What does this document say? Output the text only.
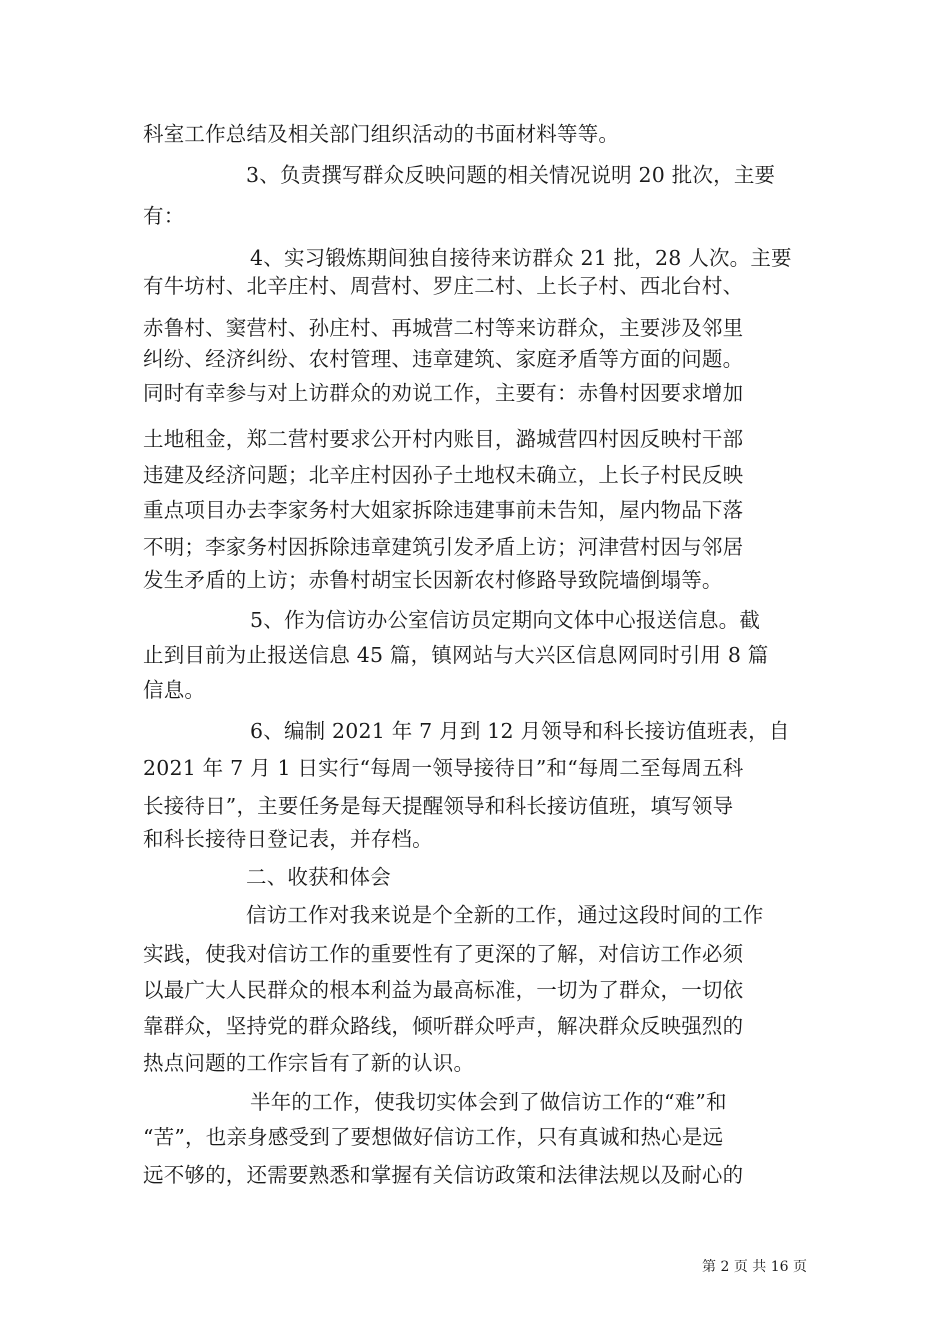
科室工作总结及相关部门组织活动的书面材料等等。
3、负责撰写群众反映问题的相关情况说明 20 批次，主要
有：
4、实习锻炼期间独自接待来访群众 21 批，28 人次。主要
有牛坊村、北辛庄村、周营村、罗庄二村、上长子村、西北台村、
赤鲁村、窦营村、孙庄村、再城营二村等来访群众，主要涉及邻里
纠纷、经济纠纷、农村管理、违章建筑、家庭矛盾等方面的问题。
同时有幸参与对上访群众的劝说工作，主要有：赤鲁村因要求增加
土地租金，郑二营村要求公开村内账目，潞城营四村因反映村干部
违建及经济问题；北辛庄村因孙子土地权未确立，上长子村民反映
重点项目办去李家务村大姐家拆除违建事前未告知，屋内物品下落
不明；李家务村因拆除违章建筑引发矛盾上访；河津营村因与邻居
发生矛盾的上访；赤鲁村胡宝长因新农村修路导致院墙倒塌等。
5、作为信访办公室信访员定期向文体中心报送信息。截
止到目前为止报送信息 45 篇，镇网站与大兴区信息网同时引用 8 篇
信息。
6、编制 2021 年 7 月到 12 月领导和科长接访值班表，自
2021 年 7 月 1 日实行“每周一领导接待日”和“每周二至每周五科
长接待日”，主要任务是每天提醒领导和科长接访值班，填写领导
和科长接待日登记表，并存档。
二、收获和体会
信访工作对我来说是个全新的工作，通过这段时间的工作
实践，使我对信访工作的重要性有了更深的了解，对信访工作必须
以最广大人民群众的根本利益为最高标准，一切为了群众，一切依
靠群众，坚持党的群众路线，倾听群众呼声，解决群众反映强烈的
热点问题的工作宗旨有了新的认识。
半年的工作，使我切实体会到了做信访工作的“难”和
“苦”，也亲身感受到了要想做好信访工作，只有真诚和热心是远
远不够的，还需要熟悉和掌握有关信访政策和法律法规以及耐心的
第 2 页 共 16 页
